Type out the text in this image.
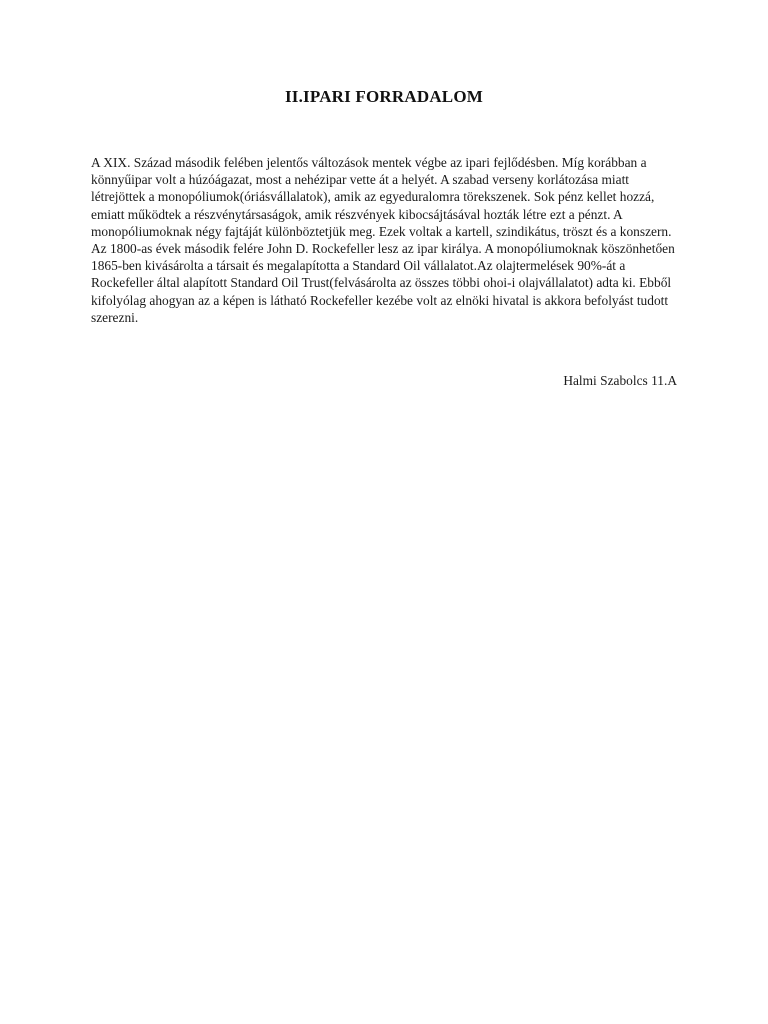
II.IPARI FORRADALOM

A XIX. Század második felében jelentős változások mentek végbe az ipari fejlődésben. Míg korábban a könnyűipar volt a húzóágazat, most a nehézipar vette át a helyét. A szabad verseny korlátozása miatt létrejöttek a monopóliumok(óriásvállalatok), amik az egyeduralomra törekszenek. Sok pénz kellet hozzá, emiatt működtek a részvénytársaságok, amik részvények kibocsájtásával hozták létre ezt a pénzt. A monopóliumoknak négy fajtáját különböztetjük meg. Ezek voltak a kartell, szindikátus, tröszt és a konszern. Az 1800-as évek második felére John D. Rockefeller lesz az ipar királya. A monopóliumoknak köszönhetően 1865-ben kivásárolta a társait és megalapította a Standard Oil vállalatot.Az olajtermelések 90%-át a Rockefeller által alapított Standard Oil Trust(felvásárolta az összes többi ohoi-i olajvállalatot) adta ki. Ebből kifolyólag ahogyan az a képen is látható Rockefeller kezébe volt az elnöki hivatal is akkora befolyást tudott szerezni.

Halmi Szabolcs 11.A
